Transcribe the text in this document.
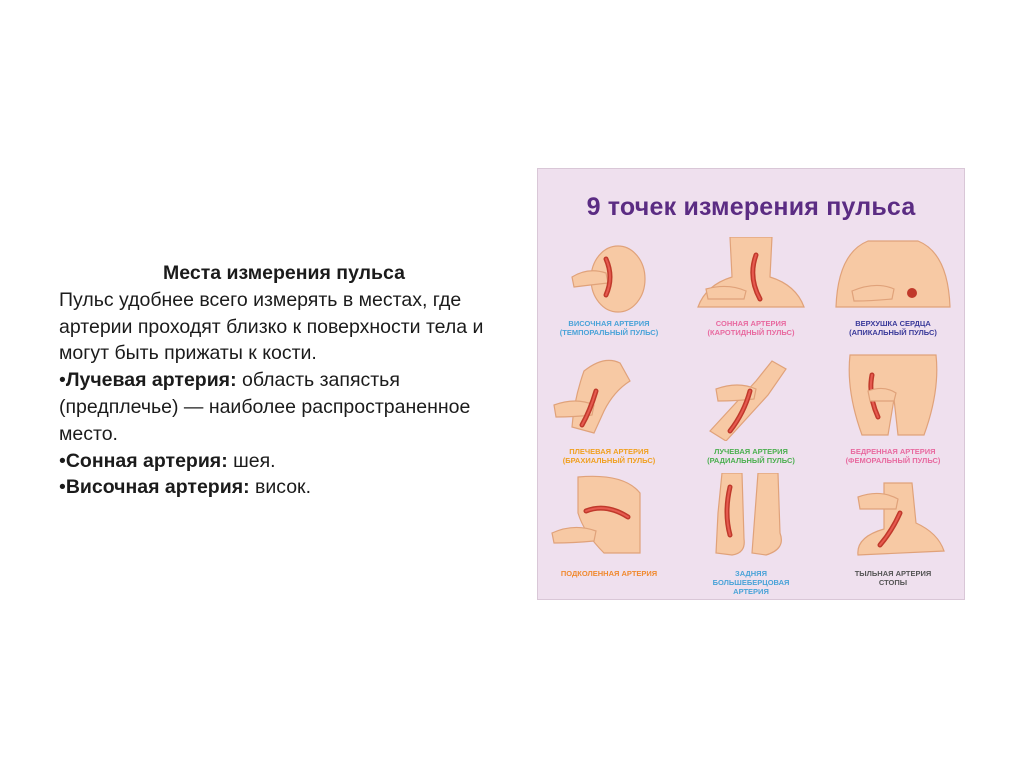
Места измерения пульса
Пульс удобнее всего измерять в местах, где артерии проходят близко к поверхности тела и могут быть прижаты к кости.
•Лучевая артерия: область запястья (предплечье) — наиболее распространенное место.
•Сонная артерия: шея.
•Височная артерия: висок.
9 точек измерения пульса
ВИСОЧНАЯ АРТЕРИЯ
(ТЕМПОРАЛЬНЫЙ ПУЛЬС)
СОННАЯ АРТЕРИЯ
(КАРОТИДНЫЙ ПУЛЬС)
ВЕРХУШКА СЕРДЦА
(АПИКАЛЬНЫЙ ПУЛЬС)
ПЛЕЧЕВАЯ АРТЕРИЯ
(БРАХИАЛЬНЫЙ ПУЛЬС)
ЛУЧЕВАЯ АРТЕРИЯ
(РАДИАЛЬНЫЙ ПУЛЬС)
БЕДРЕННАЯ АРТЕРИЯ
(ФЕМОРАЛЬНЫЙ ПУЛЬС)
ПОДКОЛЕННАЯ АРТЕРИЯ	ЗАДНЯЯ
БОЛЬШЕБЕРЦОВАЯ
АРТЕРИЯ
ТЫЛЬНАЯ АРТЕРИЯ
СТОПЫ
